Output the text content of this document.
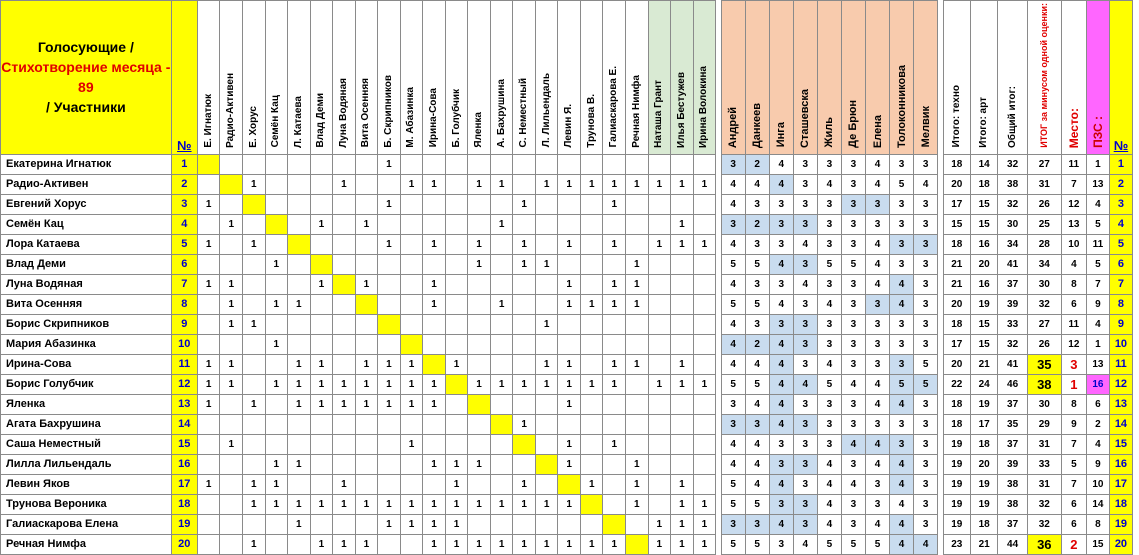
Голосующие /
Стихотворение месяца - 89
/ Участники	№	Е. Игнатюк	Радио-Активен	Е. Хорус	Семён Кац	Л. Катаева	Влад Деми	Луна Водяная	Вита Осенняя	Б. Скрипников	М. Абазинка	Ирина-Сова	Б. Голубчик	Яленка	А. Бахрушина	С. Неместный	Л. Лильендаль	Левин Я.	Трунова В.	Галиаскарова Е.	Речная Нимфа	Наташа Грант	Илья Бестужев	Ирина Волокина		Андрей	Данкеев	Инга	Сташевска	Жиль	Де Брюн	Елена	Толоконникова	Мелвик		Итого: техно	Итого: арт	Общий итог:	ИТОГ за минусом одной оценки:	Место:	ПЗС :	№
Екатерина Игнатюк	1									1																3	2	4	3	3	3	4	3	3		18	14	32	27	11	1	1
Радио-Активен	2			1				1			1	1		1	1		1	1	1	1	1	1	1	1		4	4	4	3	4	3	4	5	4		20	18	38	31	7	13	2
Евгений Хорус	3	1								1						1				1						4	3	3	3	3	3	3	3	3		17	15	32	26	12	4	3
Семён Кац	4		1				1		1						1								1			3	2	3	3	3	3	3	3	3		15	15	30	25	13	5	4
Лора Катаева	5	1		1						1		1		1		1		1		1		1	1	1		4	3	3	4	3	3	4	3	3		18	16	34	28	10	11	5
Влад Деми	6				1									1		1	1				1					5	5	4	3	5	5	4	3	3		21	20	41	34	4	5	6
Луна Водяная	7	1	1				1		1			1						1		1	1					4	3	3	4	3	3	4	4	3		21	16	37	30	8	7	7
Вита Осенняя	8		1		1	1						1			1			1	1	1	1					5	5	4	3	4	3	3	4	3		20	19	39	32	6	9	8
Борис Скрипников	9		1	1													1									4	3	3	3	3	3	3	3	3		18	15	33	27	11	4	9
Мария Абазинка	10				1																					4	2	4	3	3	3	3	3	3		17	15	32	26	12	1	10
Ирина-Сова	11	1	1			1	1		1	1	1		1				1	1		1	1		1			4	4	4	3	4	3	3	3	5		20	21	41	35	3	13	11
Борис Голубчик	12	1	1		1	1	1	1	1	1	1	1		1	1	1	1	1	1	1		1	1	1		5	5	4	4	5	4	4	5	5		22	24	46	38	1	16	12
Яленка	13	1		1		1	1	1	1	1	1	1						1								3	4	4	3	3	3	4	4	3		18	19	37	30	8	6	13
Агата Бахрушина	14															1										3	3	4	3	3	3	3	3	3		18	17	35	29	9	2	14
Саша Неместный	15		1								1							1		1						4	4	3	3	3	4	4	3	3		19	18	37	31	7	4	15
Лилла Лильендаль	16				1	1						1	1	1				1			1					4	4	3	3	4	3	4	4	3		19	20	39	33	5	9	16
Левин Яков	17	1		1	1			1					1			1			1		1		1			5	4	4	3	4	4	3	4	3		19	19	38	31	7	10	17
Трунова Вероника	18			1	1	1	1	1	1	1	1	1	1	1	1	1	1	1			1		1	1		5	5	3	3	4	3	3	4	3		19	19	38	32	6	14	18
Галиаскарова Елена	19					1				1	1	1	1									1	1	1		3	3	4	3	4	3	4	4	3		19	18	37	32	6	8	19
Речная Нимфа	20			1			1	1	1			1	1	1	1	1	1	1	1	1		1	1	1		5	5	3	4	5	5	5	4	4		23	21	44	36	2	15	20
